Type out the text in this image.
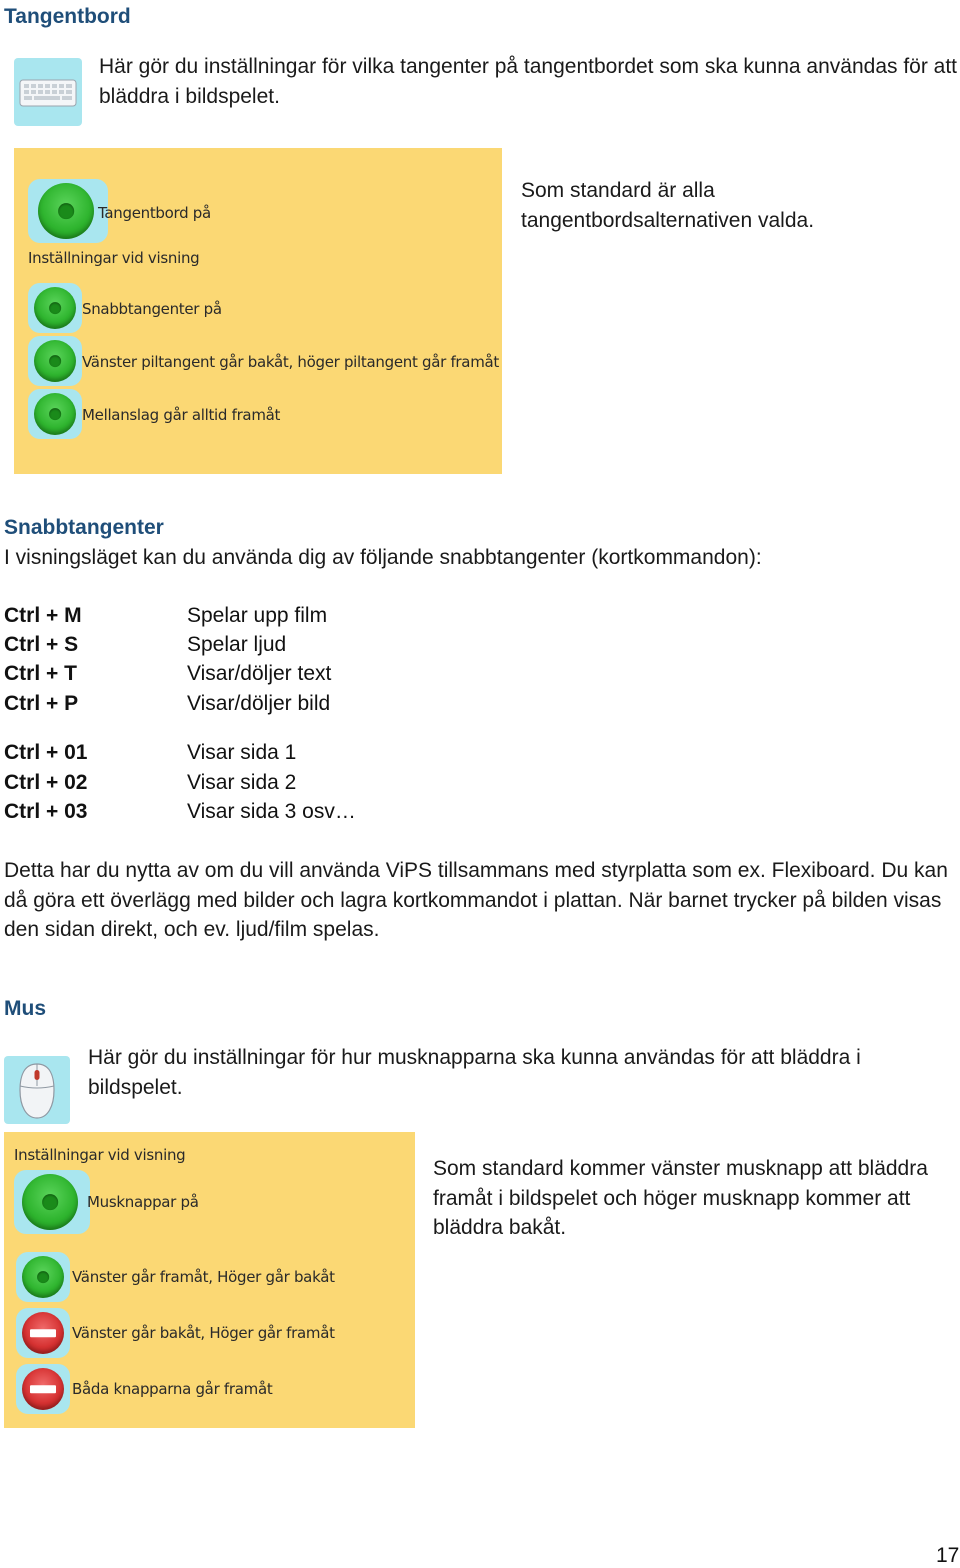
Tangentbord
Här gör du inställningar för vilka tangenter på tangentbordet som ska kunna användas för att bläddra i bildspelet.
Tangentbord på
Inställningar vid visning
Snabbtangenter på
Vänster piltangent går bakåt, höger piltangent går framåt
Mellanslag går alltid framåt
Som standard är alla tangentbordsalternativen valda.
Snabbtangenter
I visningsläget kan du använda dig av följande snabbtangenter (kortkommandon):
Ctrl + M	Spelar upp film
Ctrl + S	Spelar ljud
Ctrl + T	Visar/döljer text
Ctrl + P	Visar/döljer bild
Ctrl + 01	Visar sida 1
Ctrl + 02	Visar sida 2
Ctrl + 03	Visar sida 3 osv…
Detta har du nytta av om du vill använda ViPS tillsammans med styrplatta som ex. Flexiboard. Du kan då göra ett överlägg med bilder och lagra kortkommandot i plattan. När barnet trycker på bilden visas den sidan direkt, och ev. ljud/film spelas.
Mus
Här gör du inställningar för hur musknapparna ska kunna användas för att bläddra i bildspelet.
Inställningar vid visning
Musknappar på
Vänster går framåt, Höger går bakåt
Vänster går bakåt, Höger går framåt
Båda knapparna går framåt
Som standard kommer vänster musknapp att bläddra framåt i bildspelet och höger musknapp kommer att bläddra bakåt.
17
